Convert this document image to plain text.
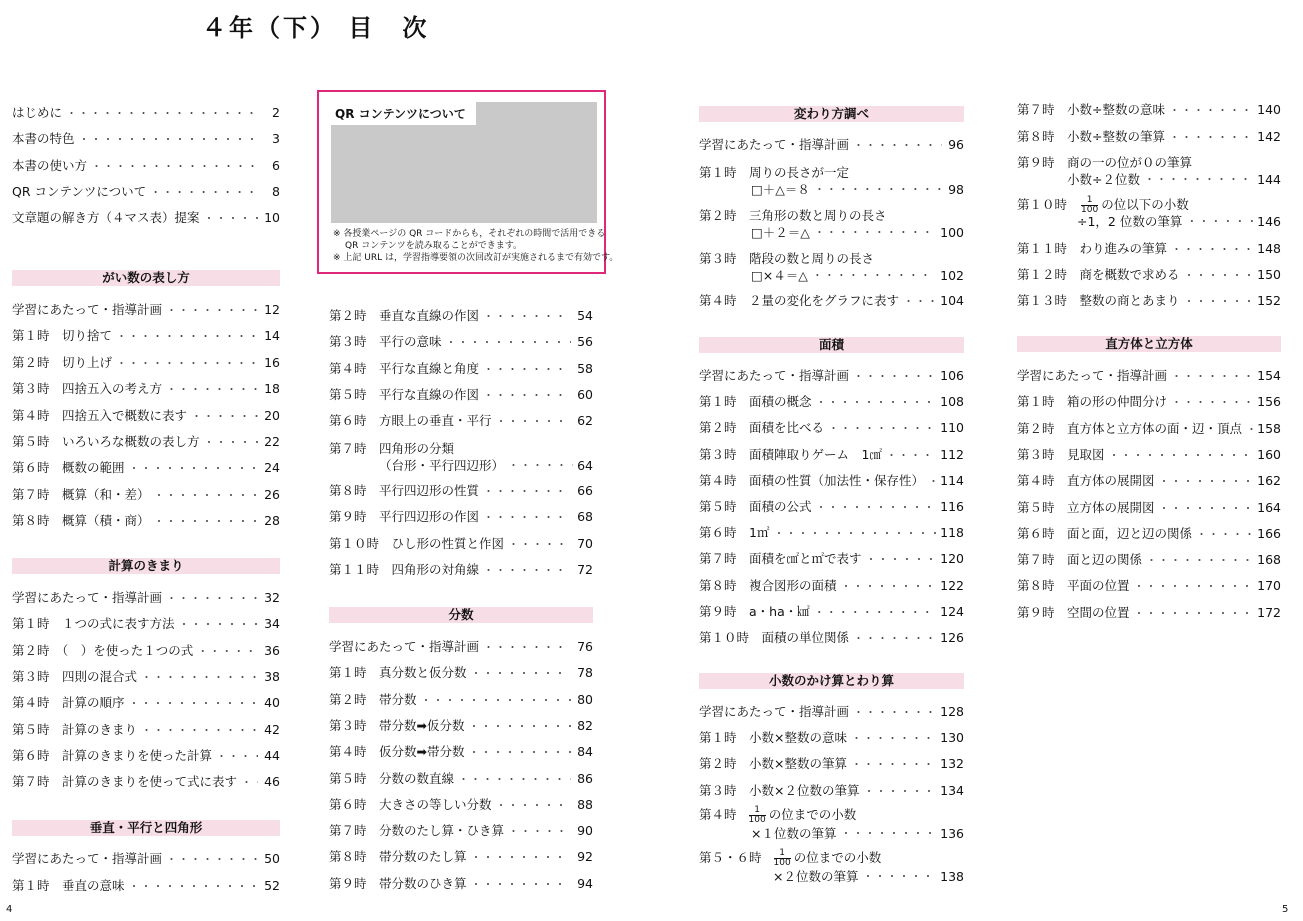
４年（下） 目　次
はじめに ・・・・・・・・・・・・・・・・・・・・・・・・・・・・・・・・・・・・・・・・	2
本書の特色 ・・・・・・・・・・・・・・・・・・・・・・・・・・・・・・・・・・・・・・・・	3
本書の使い方 ・・・・・・・・・・・・・・・・・・・・・・・・・・・・・・・・・・・・・・・・	6
QR コンテンツについて ・・・・・・・・・・・・・・・・・・・・・・・・・・・・・・・・・・・・・・・・	8
文章題の解き方（４マス表）提案 ・・・・・・・・・・・・・・・・・・・・・・・・・・・・・・・・・・・・・・・・	10
がい数の表し方
学習にあたって・指導計画 ・・・・・・・・・・・・・・・・・・・・・・・・・・・・・・・・・・・・・・・・	12
第１時　切り捨て ・・・・・・・・・・・・・・・・・・・・・・・・・・・・・・・・・・・・・・・・	14
第２時　切り上げ ・・・・・・・・・・・・・・・・・・・・・・・・・・・・・・・・・・・・・・・・	16
第３時　四捨五入の考え方 ・・・・・・・・・・・・・・・・・・・・・・・・・・・・・・・・・・・・・・・・	18
第４時　四捨五入で概数に表す ・・・・・・・・・・・・・・・・・・・・・・・・・・・・・・・・・・・・・・・・	20
第５時　いろいろな概数の表し方 ・・・・・・・・・・・・・・・・・・・・・・・・・・・・・・・・・・・・・・・・	22
第６時　概数の範囲 ・・・・・・・・・・・・・・・・・・・・・・・・・・・・・・・・・・・・・・・・	24
第７時　概算（和・差） ・・・・・・・・・・・・・・・・・・・・・・・・・・・・・・・・・・・・・・・・	26
第８時　概算（積・商） ・・・・・・・・・・・・・・・・・・・・・・・・・・・・・・・・・・・・・・・・	28
計算のきまり
学習にあたって・指導計画 ・・・・・・・・・・・・・・・・・・・・・・・・・・・・・・・・・・・・・・・・	32
第１時　１つの式に表す方法 ・・・・・・・・・・・・・・・・・・・・・・・・・・・・・・・・・・・・・・・・	34
第２時　（　）を使った１つの式 ・・・・・・・・・・・・・・・・・・・・・・・・・・・・・・・・・・・・・・・・	36
第３時　四則の混合式 ・・・・・・・・・・・・・・・・・・・・・・・・・・・・・・・・・・・・・・・・	38
第４時　計算の順序 ・・・・・・・・・・・・・・・・・・・・・・・・・・・・・・・・・・・・・・・・	40
第５時　計算のきまり ・・・・・・・・・・・・・・・・・・・・・・・・・・・・・・・・・・・・・・・・	42
第６時　計算のきまりを使った計算 ・・・・・・・・・・・・・・・・・・・・・・・・・・・・・・・・・・・・・・・・	44
第７時　計算のきまりを使って式に表す ・・・・・・・・・・・・・・・・・・・・・・・・・・・・・・・・・・・・・・・・ 46
垂直・平行と四角形
学習にあたって・指導計画 ・・・・・・・・・・・・・・・・・・・・・・・・・・・・・・・・・・・・・・・・	50
第１時　垂直の意味 ・・・・・・・・・・・・・・・・・・・・・・・・・・・・・・・・・・・・・・・・	52
QR コンテンツについて
※ 各授業ページの QR コードからも，それぞれの時間で活用できる
QR コンテンツを読み取ることができます。
※ 上記 URL は，学習指導要領の次回改訂が実施されるまで有効です。
第２時　垂直な直線の作図 ・・・・・・・・・・・・・・・・・・・・・・・・・・・・・・・・・・・・・・・・	54
第３時　平行の意味 ・・・・・・・・・・・・・・・・・・・・・・・・・・・・・・・・・・・・・・・・	56
第４時　平行な直線と角度 ・・・・・・・・・・・・・・・・・・・・・・・・・・・・・・・・・・・・・・・・	58
第５時　平行な直線の作図 ・・・・・・・・・・・・・・・・・・・・・・・・・・・・・・・・・・・・・・・・	60
第６時　方眼上の垂直・平行 ・・・・・・・・・・・・・・・・・・・・・・・・・・・・・・・・・・・・・・・・	62
第７時　四角形の分類
（台形・平行四辺形） ・・・・・・・・・・・・・・・・・・・・・・・・・・・	64
第８時　平行四辺形の性質 ・・・・・・・・・・・・・・・・・・・・・・・・・・・・・・・・・・・・・・・・	66
第９時　平行四辺形の作図 ・・・・・・・・・・・・・・・・・・・・・・・・・・・・・・・・・・・・・・・・	68
第１０時　ひし形の性質と作図 ・・・・・・・・・・・・・・・・・・・・・・・・・・・・・・・・・・・・・・・・	70
第１１時　四角形の対角線 ・・・・・・・・・・・・・・・・・・・・・・・・・・・・・・・・・・・・・・・・	72
分数
学習にあたって・指導計画 ・・・・・・・・・・・・・・・・・・・・・・・・・・・・・・・・・・・・・・・・	76
第１時　真分数と仮分数 ・・・・・・・・・・・・・・・・・・・・・・・・・・・・・・・・・・・・・・・・	78
第２時　帯分数 ・・・・・・・・・・・・・・・・・・・・・・・・・・・・・・・・・・・・・・・・	80
第３時　帯分数➡仮分数 ・・・・・・・・・・・・・・・・・・・・・・・・・・・・・・・・・・・・・・・・	82
第４時　仮分数➡帯分数 ・・・・・・・・・・・・・・・・・・・・・・・・・・・・・・・・・・・・・・・・	84
第５時　分数の数直線 ・・・・・・・・・・・・・・・・・・・・・・・・・・・・・・・・・・・・・・・・	86
第６時　大きさの等しい分数 ・・・・・・・・・・・・・・・・・・・・・・・・・・・・・・・・・・・・・・・・	88
第７時　分数のたし算・ひき算 ・・・・・・・・・・・・・・・・・・・・・・・・・・・・・・・・・・・・・・・・	90
第８時　帯分数のたし算 ・・・・・・・・・・・・・・・・・・・・・・・・・・・・・・・・・・・・・・・・	92
第９時　帯分数のひき算 ・・・・・・・・・・・・・・・・・・・・・・・・・・・・・・・・・・・・・・・・	94
変わり方調べ
学習にあたって・指導計画 ・・・・・・・・・・・・・・・・・・・・・・・・・・・・・・・・・・・・・・・・	96
第１時　周りの長さが一定
□＋△＝８ ・・・・・・・・・・・・・・・・・・・・・・・・・・・	98
第２時　三角形の数と周りの長さ
□＋２＝△ ・・・・・・・・・・・・・・・・・・・・・・・・・・・	100
第３時　階段の数と周りの長さ
□×４＝△ ・・・・・・・・・・・・・・・・・・・・・・・・・・・	102
第４時　２量の変化をグラフに表す ・・・・・・・・・・・・・・・・・・・・・・・・・・・・・・・・・・・・・・・・	104
面積
学習にあたって・指導計画 ・・・・・・・・・・・・・・・・・・・・・・・・・・・・・・・・・・・・・・・・	106
第１時　面積の概念 ・・・・・・・・・・・・・・・・・・・・・・・・・・・・・・・・・・・・・・・・	108
第２時　面積を比べる ・・・・・・・・・・・・・・・・・・・・・・・・・・・・・・・・・・・・・・・・	110
第３時　面積陣取りゲーム　1㎠ ・・・・・・・・・・・・・・・・・・・・・・・・・・・・・・・・・・・・・・・・	112
第４時　面積の性質（加法性・保存性） ・・・・・・・・・・・・・・・・・・・・・・・・・・・・・・・・・・・・・・・・ 114
第５時　面積の公式 ・・・・・・・・・・・・・・・・・・・・・・・・・・・・・・・・・・・・・・・・	116
第６時　1㎡ ・・・・・・・・・・・・・・・・・・・・・・・・・・・・・・・・・・・・・・・・	118
第７時　面積を㎠と㎡で表す ・・・・・・・・・・・・・・・・・・・・・・・・・・・・・・・・・・・・・・・・	120
第８時　複合図形の面積 ・・・・・・・・・・・・・・・・・・・・・・・・・・・・・・・・・・・・・・・・	122
第９時　a・ha・㎢ ・・・・・・・・・・・・・・・・・・・・・・・・・・・・・・・・・・・・・・・・	124
第１０時　面積の単位関係 ・・・・・・・・・・・・・・・・・・・・・・・・・・・・・・・・・・・・・・・・	126
小数のかけ算とわり算
学習にあたって・指導計画 ・・・・・・・・・・・・・・・・・・・・・・・・・・・・・・・・・・・・・・・・	128
第１時　小数×整数の意味 ・・・・・・・・・・・・・・・・・・・・・・・・・・・・・・・・・・・・・・・・	130
第２時　小数×整数の筆算 ・・・・・・・・・・・・・・・・・・・・・・・・・・・・・・・・・・・・・・・・	132
第３時　小数×２位数の筆算 ・・・・・・・・・・・・・・・・・・・・・・・・・・・・・・・・・・・・・・・・	134
第４時 $\frac{1}{100}$ の位までの小数
×１位数の筆算 ・・・・・・・・・・・・・・・・・・・・・・・・・・・	136
第５・６時 $\frac{1}{100}$ の位までの小数
×２位数の筆算 ・・・・・・・・・・・・・・・・・・・・・・・・・・・	138
第７時　小数÷整数の意味 ・・・・・・・・・・・・・・・・・・・・・・・・・・・・・・・・・・・・・・・・	140
第８時　小数÷整数の筆算 ・・・・・・・・・・・・・・・・・・・・・・・・・・・・・・・・・・・・・・・・	142
第９時　商の一の位が０の筆算
小数÷２位数 ・・・・・・・・・・・・・・・・・・・・・・・・・・・	144
第１０時 $\frac{1}{100}$ の位以下の小数
÷1，2 位数の筆算 ・・・・・・・・・・・・・・・・・・・・・・・・・・・	146
第１１時　わり進みの筆算 ・・・・・・・・・・・・・・・・・・・・・・・・・・・・・・・・・・・・・・・・	148
第１２時　商を概数で求める ・・・・・・・・・・・・・・・・・・・・・・・・・・・・・・・・・・・・・・・・	150
第１３時　整数の商とあまり ・・・・・・・・・・・・・・・・・・・・・・・・・・・・・・・・・・・・・・・・	152
直方体と立方体
学習にあたって・指導計画 ・・・・・・・・・・・・・・・・・・・・・・・・・・・・・・・・・・・・・・・・	154
第１時　箱の形の仲間分け ・・・・・・・・・・・・・・・・・・・・・・・・・・・・・・・・・・・・・・・・	156
第２時　直方体と立方体の面・辺・頂点 ・・・・・・・・・・・・・・・・・・・・・・・・・・・・・・・・・・・・・・・・ 158
第３時　見取図 ・・・・・・・・・・・・・・・・・・・・・・・・・・・・・・・・・・・・・・・・	160
第４時　直方体の展開図 ・・・・・・・・・・・・・・・・・・・・・・・・・・・・・・・・・・・・・・・・	162
第５時　立方体の展開図 ・・・・・・・・・・・・・・・・・・・・・・・・・・・・・・・・・・・・・・・・	164
第６時　面と面，辺と辺の関係 ・・・・・・・・・・・・・・・・・・・・・・・・・・・・・・・・・・・・・・・・	166
第７時　面と辺の関係 ・・・・・・・・・・・・・・・・・・・・・・・・・・・・・・・・・・・・・・・・	168
第８時　平面の位置 ・・・・・・・・・・・・・・・・・・・・・・・・・・・・・・・・・・・・・・・・	170
第９時　空間の位置 ・・・・・・・・・・・・・・・・・・・・・・・・・・・・・・・・・・・・・・・・	172
4	5
